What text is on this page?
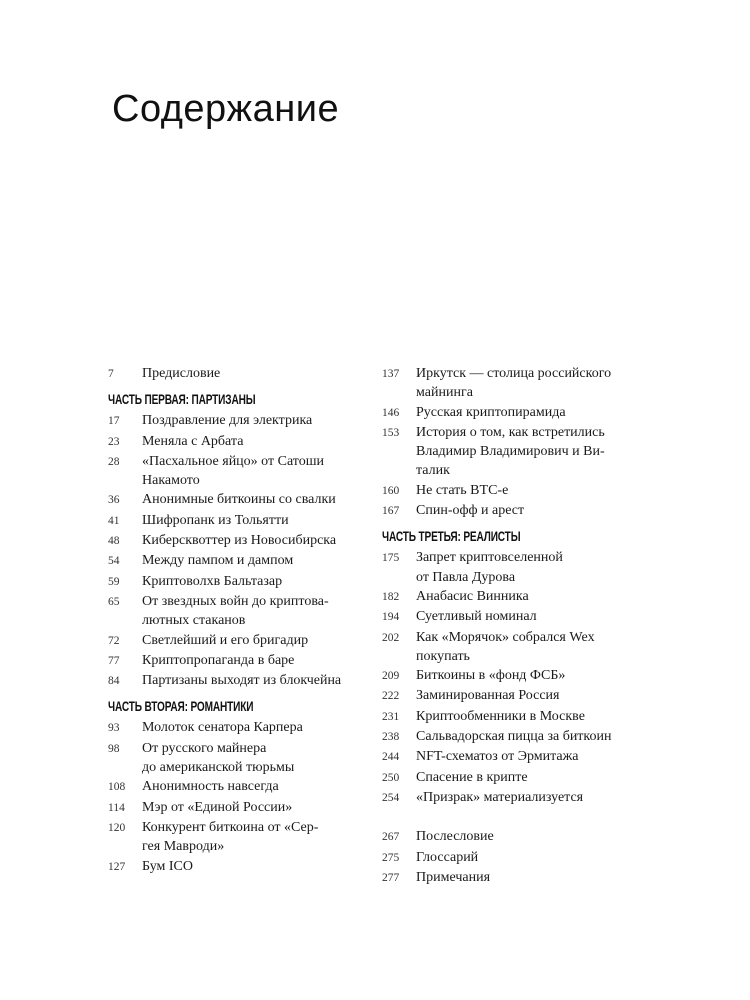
Содержание
7	Предисловие
ЧАСТЬ ПЕРВАЯ: ПАРТИЗАНЫ
17	Поздравление для электрика
23	Меняла с Арбата
28	«Пасхальное яйцо» от Сатоши
Накамото
36	Анонимные биткоины со свалки
41	Шифропанк из Тольятти
48	Киберсквоттер из Новосибирска
54	Между пампом и дампом
59	Криптоволхв Бальтазар
65	От звездных войн до криптова-
лютных стаканов
72	Светлейший и его бригадир
77	Криптопропаганда в баре
84	Партизаны выходят из блокчейна
ЧАСТЬ ВТОРАЯ: РОМАНТИКИ
93	Молоток сенатора Карпера
98	От русского майнера
до американской тюрьмы
108	Анонимность навсегда
114	Мэр от «Единой России»
120	Конкурент биткоина от «Сер-
гея Мавроди»
127	Бум ICO
137	Иркутск — столица российского
майнинга
146	Русская криптопирамида
153	История о том, как встретились
Владимир Владимирович и Ви-
талик
160	Не стать BTC-е
167	Спин-офф и арест
ЧАСТЬ ТРЕТЬЯ: РЕАЛИСТЫ
175	Запрет криптовселенной
от Павла Дурова
182	Анабасис Винника
194	Суетливый номинал
202	Как «Морячок» собрался Wex
покупать
209	Биткоины в «фонд ФСБ»
222	Заминированная Россия
231	Криптообменники в Москве
238	Сальвадорская пицца за биткоин
244	NFT-схематоз от Эрмитажа
250	Спасение в крипте
254	«Призрак» материализуется
267	Послесловие
275	Глоссарий
277	Примечания
